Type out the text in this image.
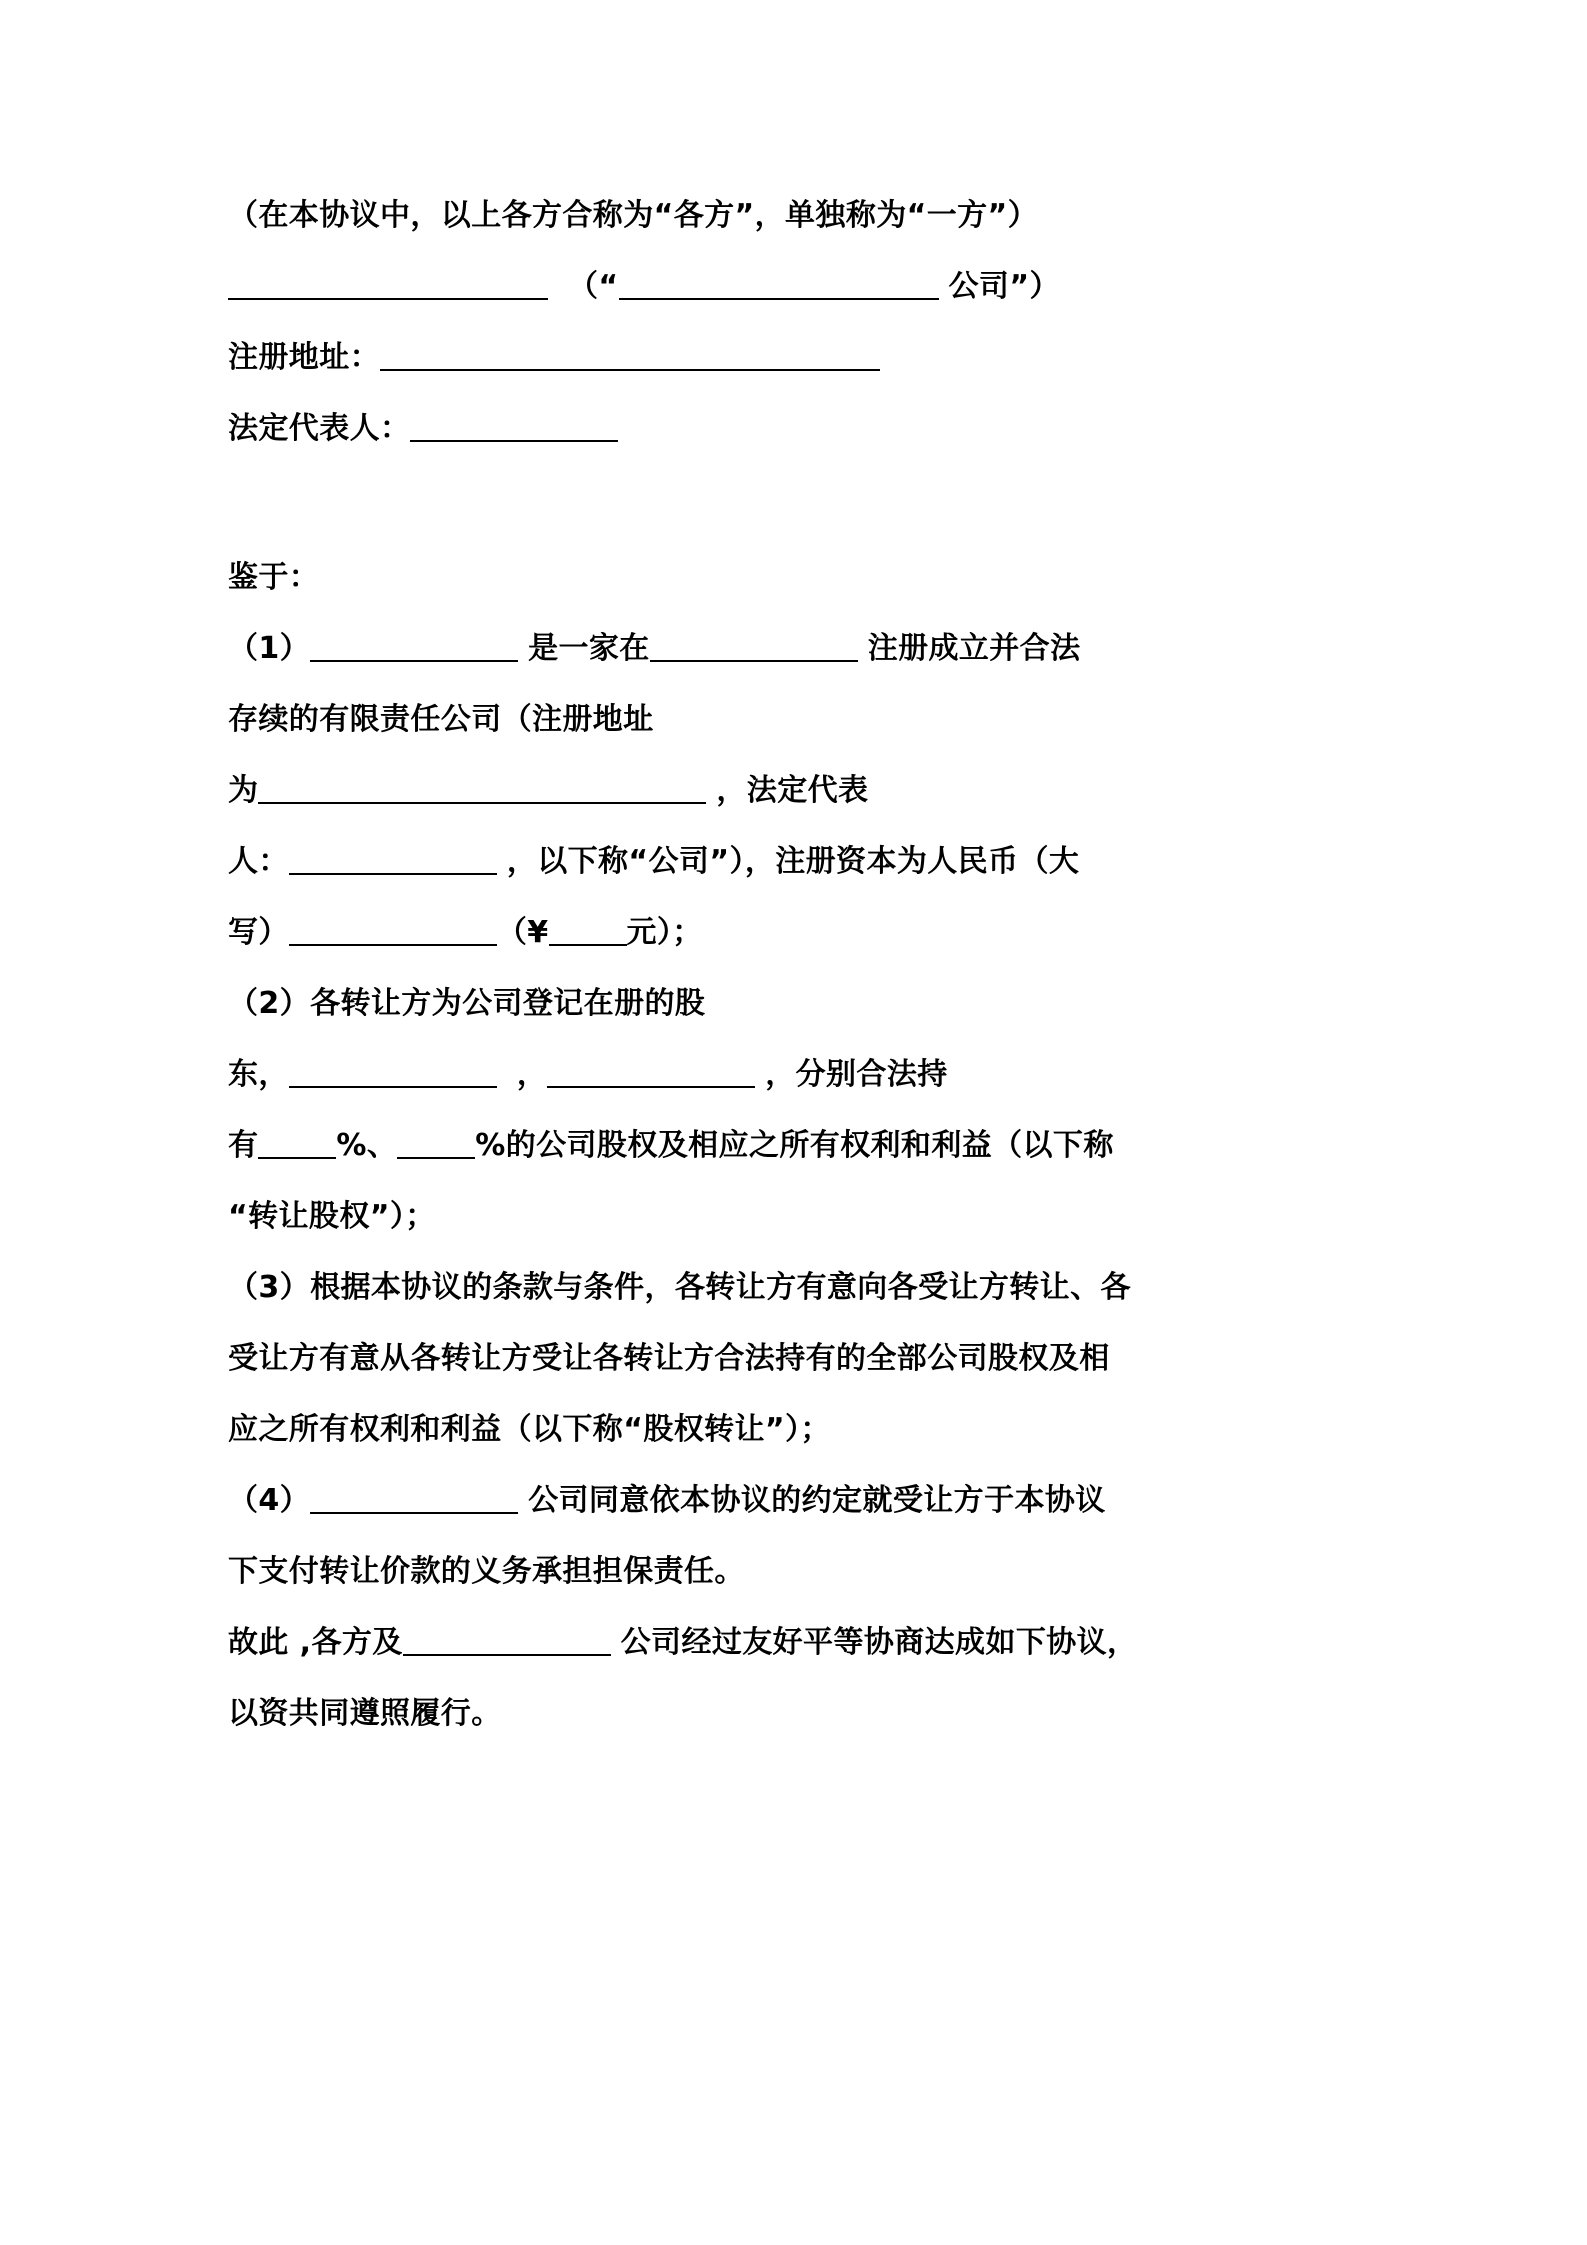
（在本协议中，以上各方合称为“各方”，单独称为“一方”）
（“	公司”）
注册地址：
法定代表人：
鉴于：
（1）	是一家在	注册成立并合法
存续的有限责任公司（注册地址
为	，法定代表
人：	，以下称“公司”），注册资本为人民币（大
写）	（¥	元）；
（2）各转让方为公司登记在册的股
东，	，	，分别合法持
有	%、	%的公司股权及相应之所有权利和利益（以下称
“转让股权”）；
（3）根据本协议的条款与条件，各转让方有意向各受让方转让、各
受让方有意从各转让方受让各转让方合法持有的全部公司股权及相
应之所有权利和利益（以下称“股权转让”）；
（4）	公司同意依本协议的约定就受让方于本协议
下支付转让价款的义务承担担保责任。
故此 ,各方及	公司经过友好平等协商达成如下协议，
以资共同遵照履行。
